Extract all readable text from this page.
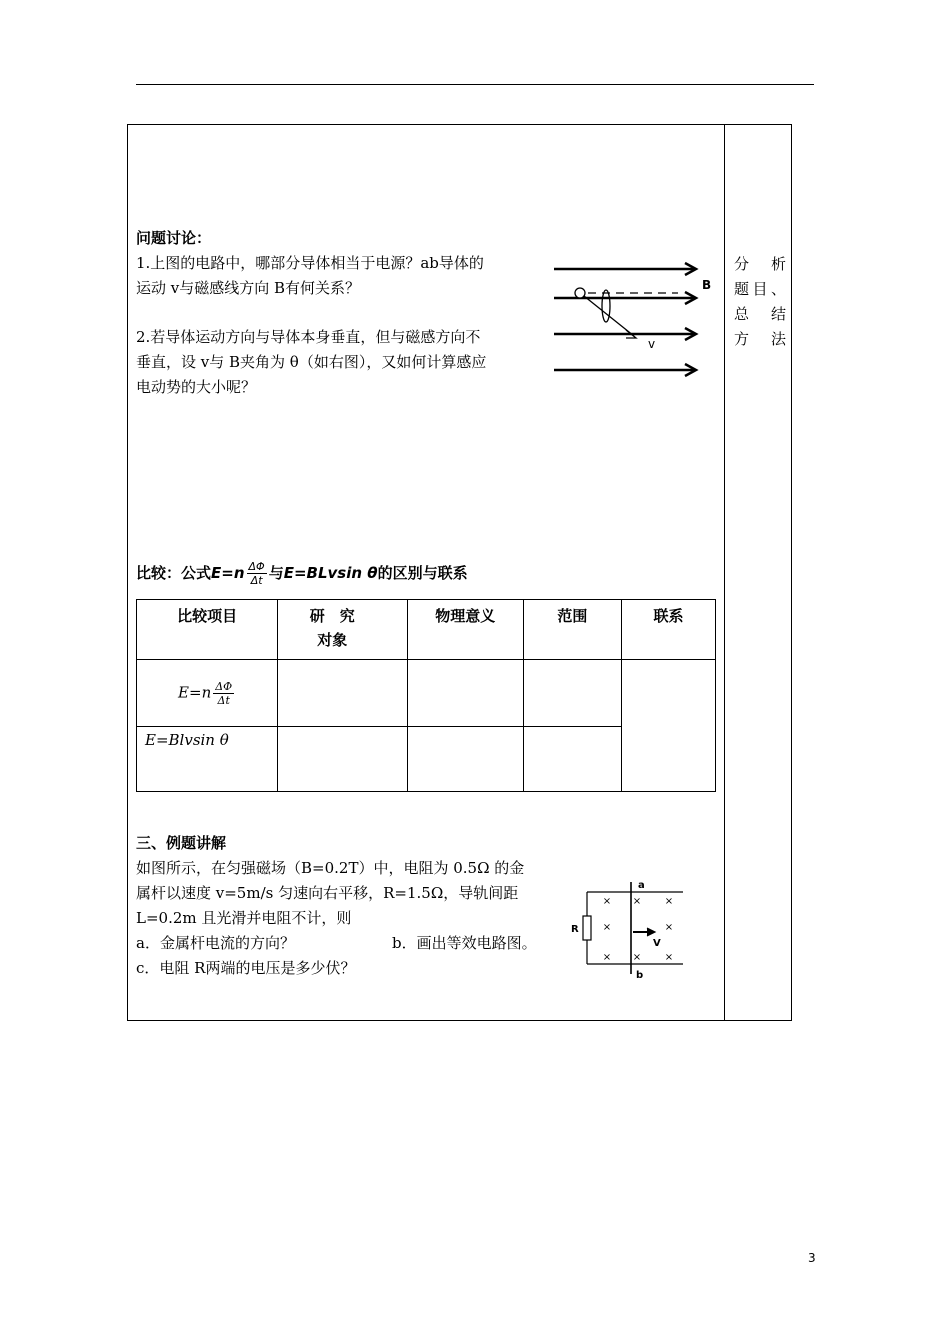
分　析
题目、
总　结
方法
问题讨论：
1.上图的电路中，哪部分导体相当于电源？ab导体的
运动 v与磁感线方向 B有何关系？
2.若导体运动方向与导体本身垂直，但与磁感方向不
垂直，设 v与 B夹角为 θ（如右图），又如何计算感应
电动势的大小呢？
B
v
比较：公式$E=n \frac{\Delta\Phi}{\Delta t}$ 与E=BLvsin θ的区别与联系
比较项目	研　究 对象	物理意义	范围	联系
$E=n \frac{\Delta\Phi}{\Delta t}$

E=Blvsin θ				
三、例题讲解
如图所示，在匀强磁场（B=0.2T）中，电阻为 0.5Ω 的金
属杆以速度 v=5m/s 匀速向右平移，R=1.5Ω，导轨间距
L=0.2m 且光滑并电阻不计，则
a．金属杆电流的方向？	b．画出等效电路图。
c．电阻 R两端的电压是多少伏？
×
×
×
×
×
×
×
×
a
b
R
V
3
